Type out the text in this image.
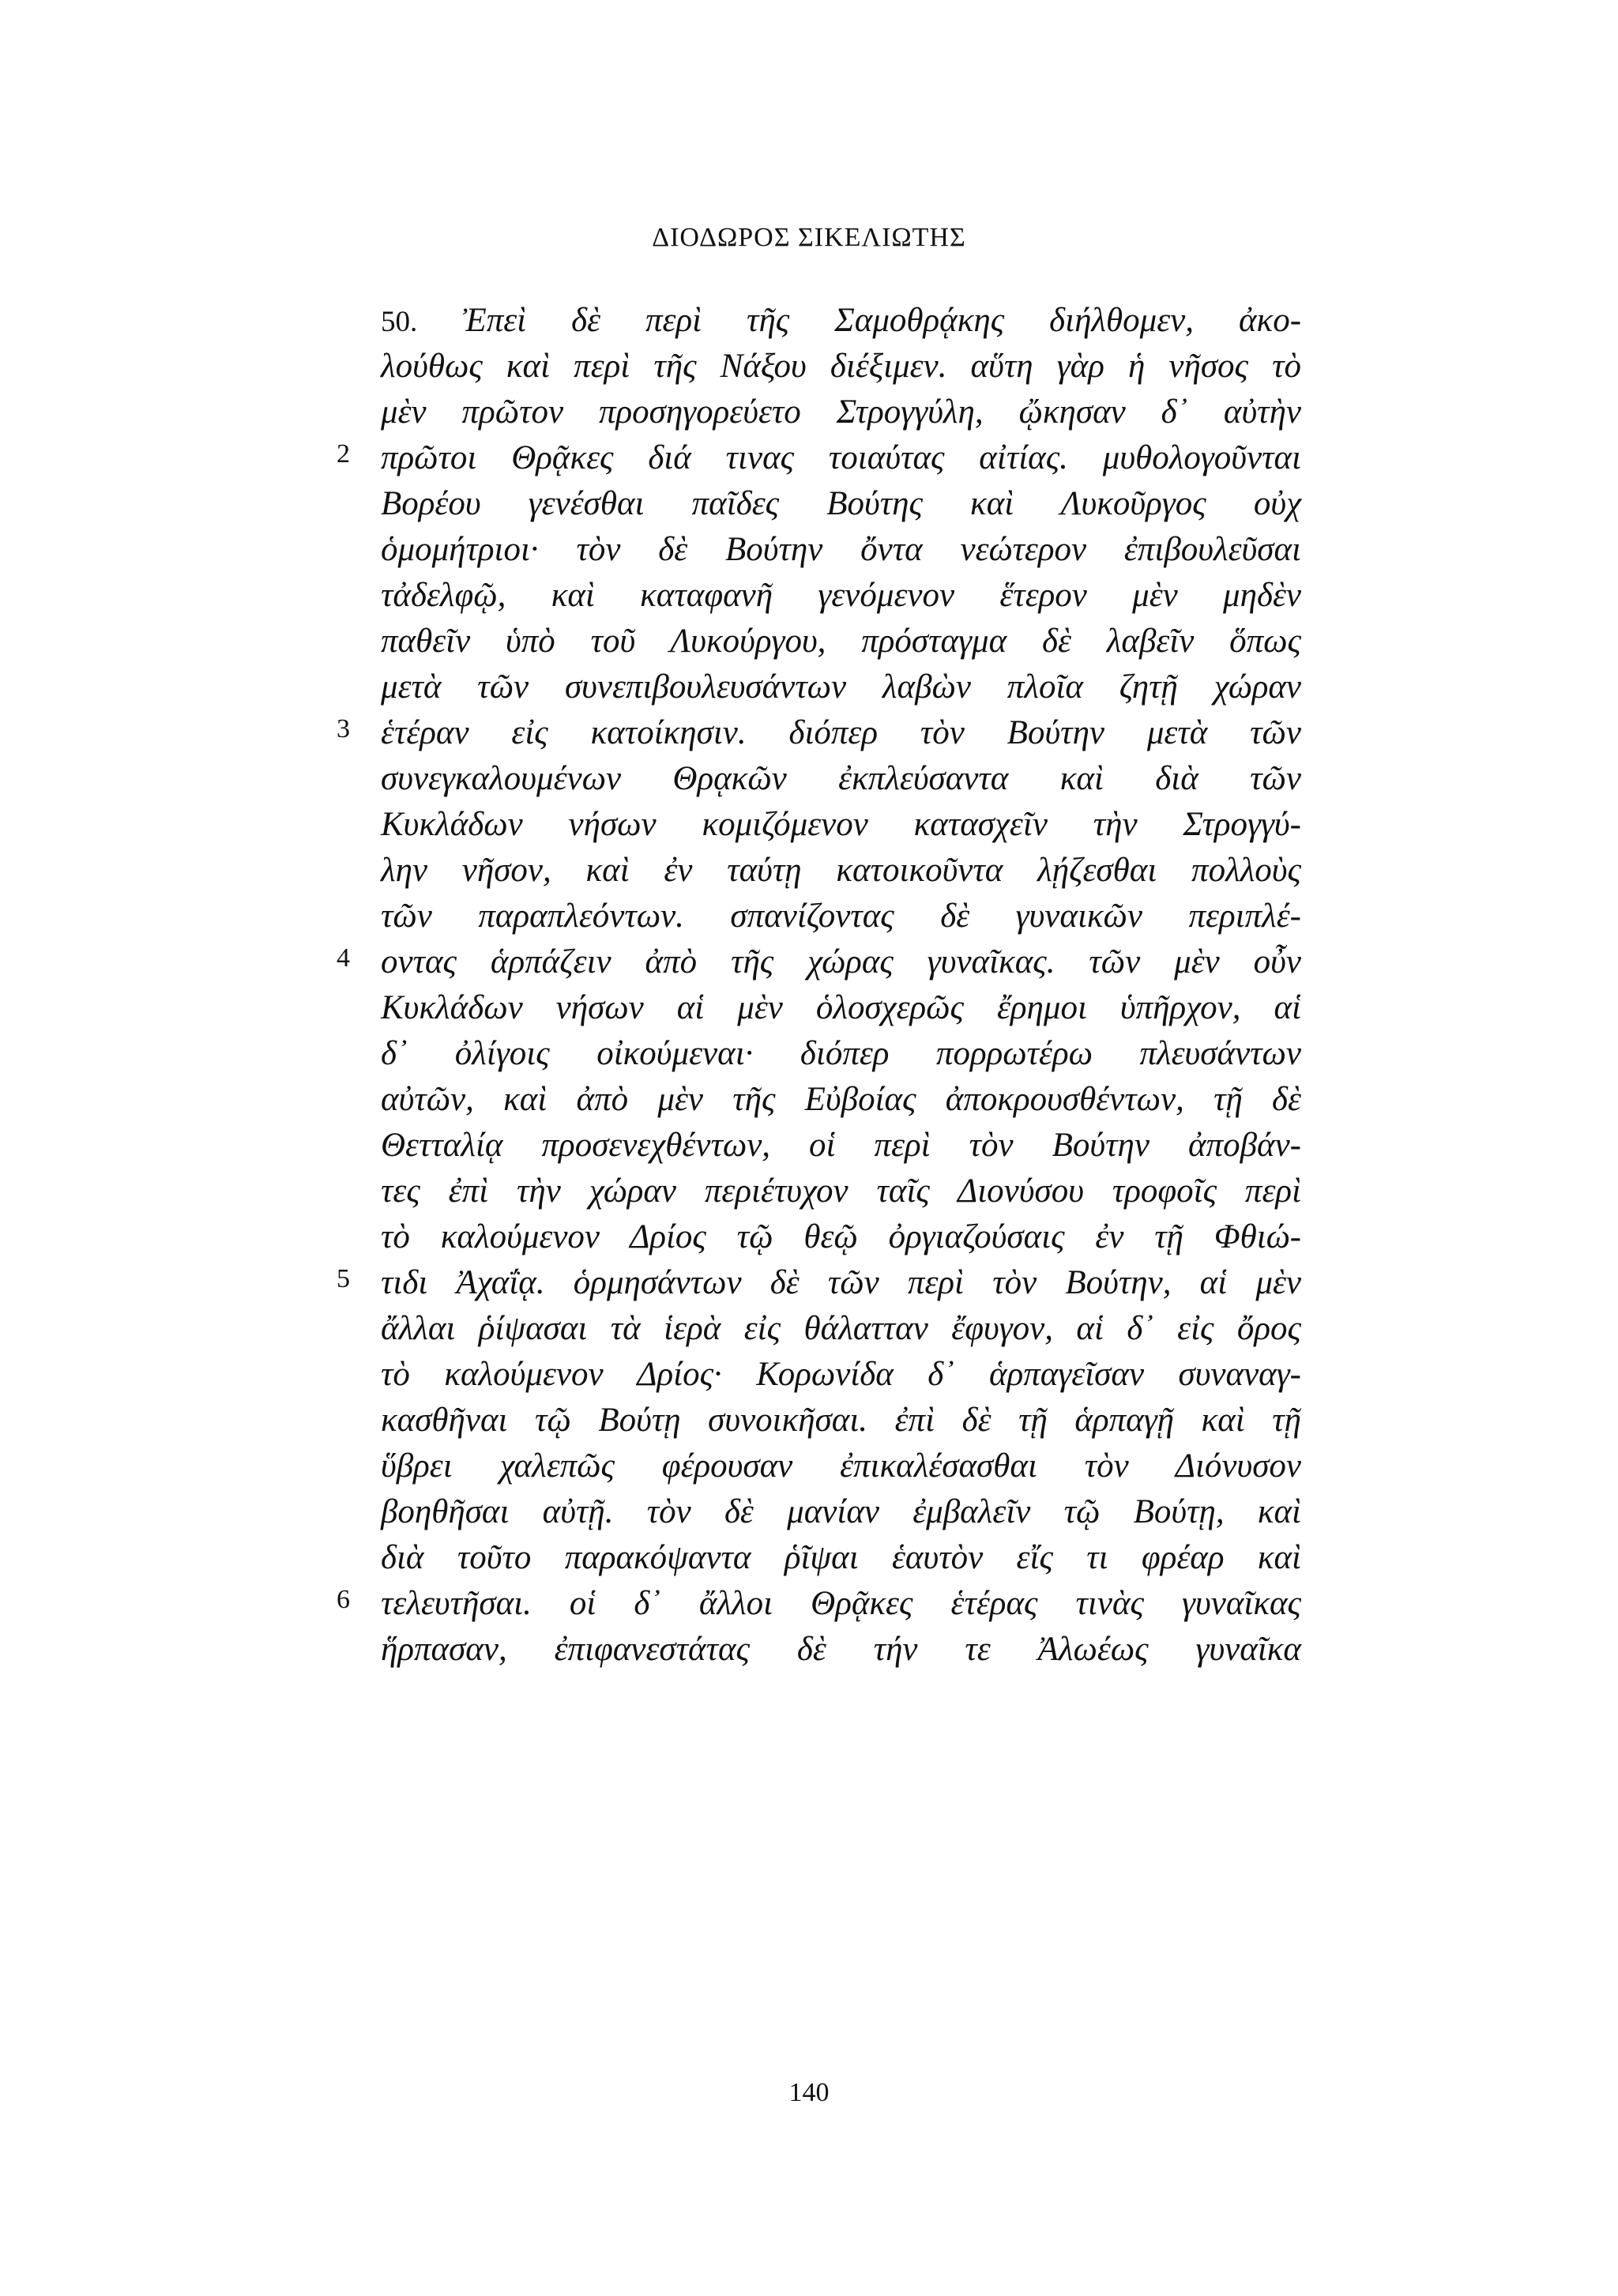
ΔΙΟΔΩΡΟΣ ΣΙΚΕΛΙΩΤΗΣ
50. Ἐπεὶ δὲ περὶ τῆς Σαμοθρᾴκης διήλθομεν, ἀκο-
λούθως καὶ περὶ τῆς Νάξου διέξιμεν. αὕτη γὰρ ἡ νῆσος τὸ
μὲν πρῶτον προσηγορεύετο Στρογγύλη, ᾤκησαν δ᾿ αὐτὴν
2 πρῶτοι Θρᾷκες διά τινας τοιαύτας αἰτίας. μυθολογοῦνται
Βορέου γενέσθαι παῖδες Βούτης καὶ Λυκοῦργος οὐχ
ὁμομήτριοι· τὸν δὲ Βούτην ὄντα νεώτερον ἐπιβουλεῦσαι
τἀδελφῷ, καὶ καταφανῆ γενόμενον ἕτερον μὲν μηδὲν
παθεῖν ὑπὸ τοῦ Λυκούργου, πρόσταγμα δὲ λαβεῖν ὅπως
μετὰ τῶν συνεπιβουλευσάντων λαβὼν πλοῖα ζητῇ χώραν
3 ἑτέραν εἰς κατοίκησιν. διόπερ τὸν Βούτην μετὰ τῶν
συνεγκαλουμένων Θρᾳκῶν ἐκπλεύσαντα καὶ διὰ τῶν
Κυκλάδων νήσων κομιζόμενον κατασχεῖν τὴν Στρογγύ-
λην νῆσον, καὶ ἐν ταύτῃ κατοικοῦντα λῄζεσθαι πολλοὺς
τῶν παραπλεόντων. σπανίζοντας δὲ γυναικῶν περιπλέ-
4 οντας ἁρπάζειν ἀπὸ τῆς χώρας γυναῖκας. τῶν μὲν οὖν
Κυκλάδων νήσων αἱ μὲν ὁλοσχερῶς ἔρημοι ὑπῆρχον, αἱ
δ᾿ ὀλίγοις οἰκούμεναι· διόπερ πορρωτέρω πλευσάντων
αὐτῶν, καὶ ἀπὸ μὲν τῆς Εὐβοίας ἀποκρουσθέντων, τῇ δὲ
Θετταλίᾳ προσενεχθέντων, οἱ περὶ τὸν Βούτην ἀποβάν-
τες ἐπὶ τὴν χώραν περιέτυχον ταῖς Διονύσου τροφοῖς περὶ
τὸ καλούμενον Δρίος τῷ θεῷ ὀργιαζούσαις ἐν τῇ Φθιώ-
5 τιδι Ἀχαΐᾳ. ὁρμησάντων δὲ τῶν περὶ τὸν Βούτην, αἱ μὲν
ἄλλαι ῥίψασαι τὰ ἱερὰ εἰς θάλατταν ἔφυγον, αἱ δ᾿ εἰς ὄρος
τὸ καλούμενον Δρίος· Κορωνίδα δ᾿ ἁρπαγεῖσαν συναναγ-
κασθῆναι τῷ Βούτῃ συνοικῆσαι. ἐπὶ δὲ τῇ ἁρπαγῇ καὶ τῇ
ὕβρει χαλεπῶς φέρουσαν ἐπικαλέσασθαι τὸν Διόνυσον
βοηθῆσαι αὐτῇ. τὸν δὲ μανίαν ἐμβαλεῖν τῷ Βούτῃ, καὶ
διὰ τοῦτο παρακόψαντα ῥῖψαι ἑαυτὸν εἴς τι φρέαρ καὶ
6 τελευτῆσαι. οἱ δ᾿ ἄλλοι Θρᾷκες ἑτέρας τινὰς γυναῖκας
ἥρπασαν, ἐπιφανεστάτας δὲ τήν τε Ἀλωέως γυναῖκα
140
